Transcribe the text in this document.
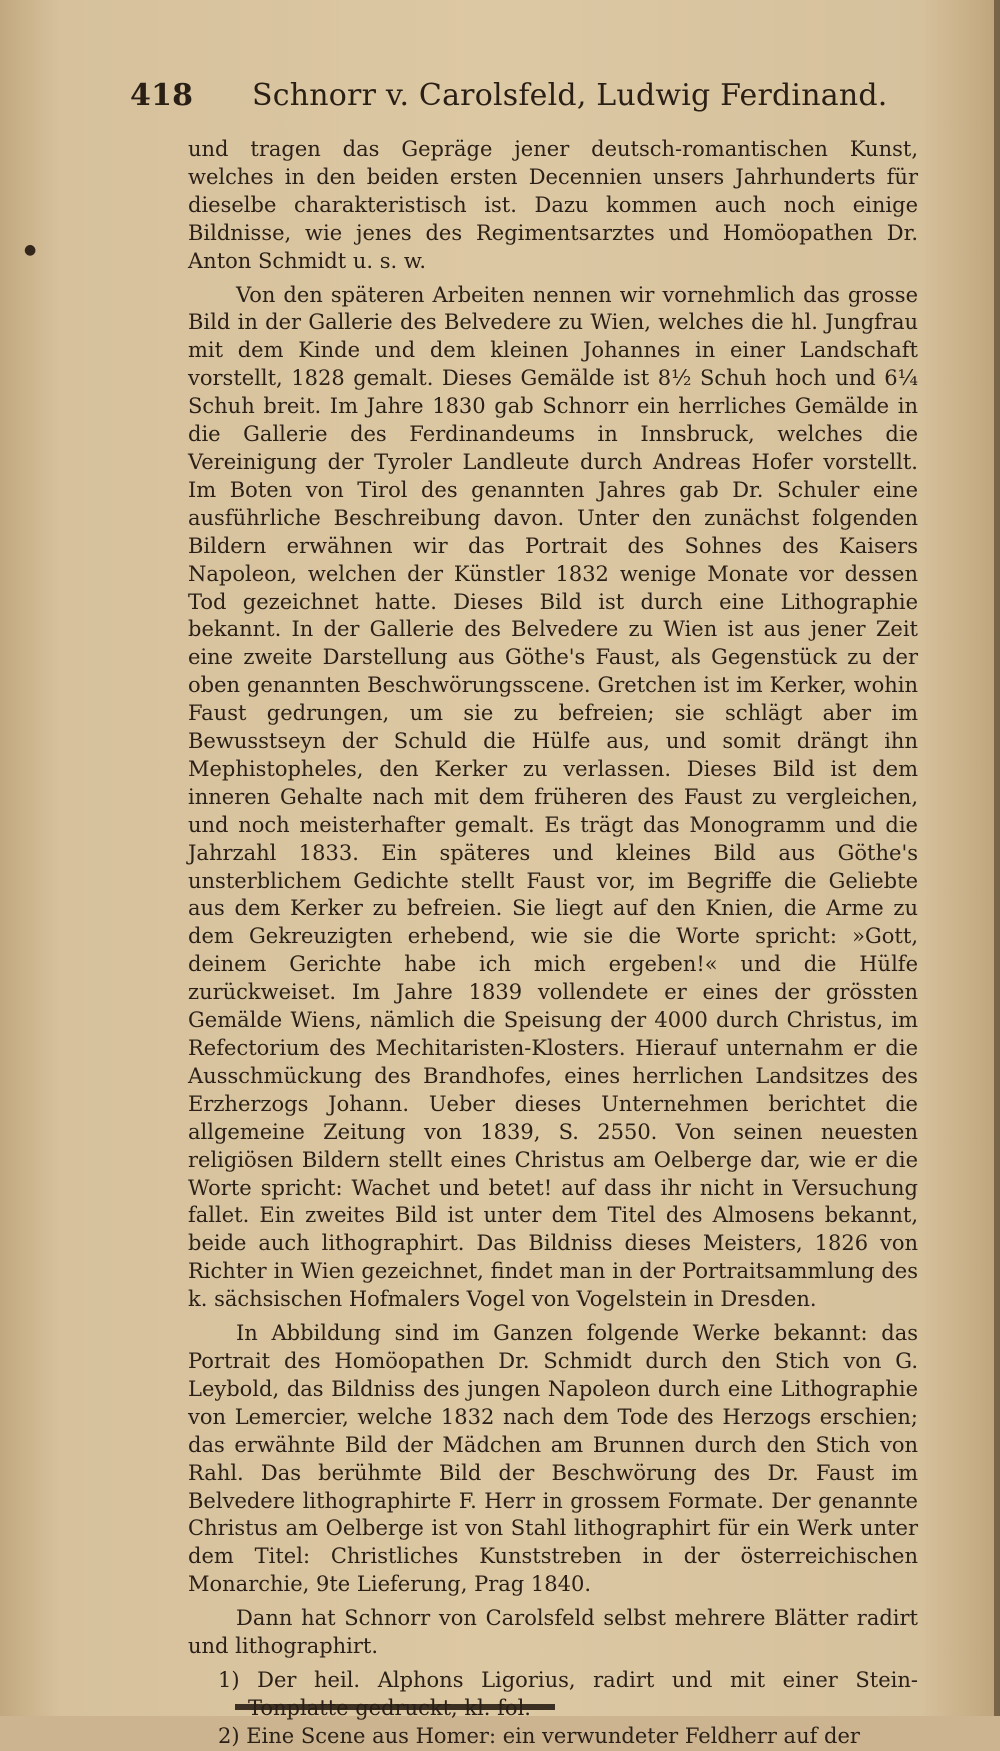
●
418 Schnorr v. Carolsfeld, Ludwig Ferdinand.

und tragen das Gepräge jener deutsch-romantischen Kunst, welches in den beiden ersten Decennien unsers Jahrhunderts für dieselbe charakteristisch ist. Dazu kommen auch noch einige Bildnisse, wie jenes des Regimentsarztes und Homöopathen Dr. Anton Schmidt u. s. w.

Von den späteren Arbeiten nennen wir vornehmlich das grosse Bild in der Gallerie des Belvedere zu Wien, welches die hl. Jungfrau mit dem Kinde und dem kleinen Johannes in einer Landschaft vorstellt, 1828 gemalt. Dieses Gemälde ist 8½ Schuh hoch und 6¼ Schuh breit. Im Jahre 1830 gab Schnorr ein herrliches Gemälde in die Gallerie des Ferdinandeums in Innsbruck, welches die Vereinigung der Tyroler Landleute durch Andreas Hofer vorstellt. Im Boten von Tirol des genannten Jahres gab Dr. Schuler eine ausführliche Beschreibung davon. Unter den zunächst folgenden Bildern erwähnen wir das Portrait des Sohnes des Kaisers Napoleon, welchen der Künstler 1832 wenige Monate vor dessen Tod gezeichnet hatte. Dieses Bild ist durch eine Lithographie bekannt. In der Gallerie des Belvedere zu Wien ist aus jener Zeit eine zweite Darstellung aus Göthe's Faust, als Gegenstück zu der oben genannten Beschwörungsscene. Gretchen ist im Kerker, wohin Faust gedrungen, um sie zu befreien; sie schlägt aber im Bewusstseyn der Schuld die Hülfe aus, und somit drängt ihn Mephistopheles, den Kerker zu verlassen. Dieses Bild ist dem inneren Gehalte nach mit dem früheren des Faust zu vergleichen, und noch meisterhafter gemalt. Es trägt das Monogramm und die Jahrzahl 1833. Ein späteres und kleines Bild aus Göthe's unsterblichem Gedichte stellt Faust vor, im Begriffe die Geliebte aus dem Kerker zu befreien. Sie liegt auf den Knien, die Arme zu dem Gekreuzigten erhebend, wie sie die Worte spricht: »Gott, deinem Gerichte habe ich mich ergeben!« und die Hülfe zurückweiset. Im Jahre 1839 vollendete er eines der grössten Gemälde Wiens, nämlich die Speisung der 4000 durch Christus, im Refectorium des Mechitaristen-Klosters. Hierauf unternahm er die Ausschmückung des Brandhofes, eines herrlichen Landsitzes des Erzherzogs Johann. Ueber dieses Unternehmen berichtet die allgemeine Zeitung von 1839, S. 2550. Von seinen neuesten religiösen Bildern stellt eines Christus am Oelberge dar, wie er die Worte spricht: Wachet und betet! auf dass ihr nicht in Versuchung fallet. Ein zweites Bild ist unter dem Titel des Almosens bekannt, beide auch lithographirt. Das Bildniss dieses Meisters, 1826 von Richter in Wien gezeichnet, findet man in der Portraitsammlung des k. sächsischen Hofmalers Vogel von Vogelstein in Dresden.

In Abbildung sind im Ganzen folgende Werke bekannt: das Portrait des Homöopathen Dr. Schmidt durch den Stich von G. Leybold, das Bildniss des jungen Napoleon durch eine Lithographie von Lemercier, welche 1832 nach dem Tode des Herzogs erschien; das erwähnte Bild der Mädchen am Brunnen durch den Stich von Rahl. Das berühmte Bild der Beschwörung des Dr. Faust im Belvedere lithographirte F. Herr in grossem Formate. Der genannte Christus am Oelberge ist von Stahl lithographirt für ein Werk unter dem Titel: Christliches Kunststreben in der österreichischen Monarchie, 9te Lieferung, Prag 1840.

Dann hat Schnorr von Carolsfeld selbst mehrere Blätter radirt und lithographirt.

1) Der heil. Alphons Ligorius, radirt und mit einer Stein-

2) Eine Scene aus Homer: ein verwundeter Feldherr auf der
